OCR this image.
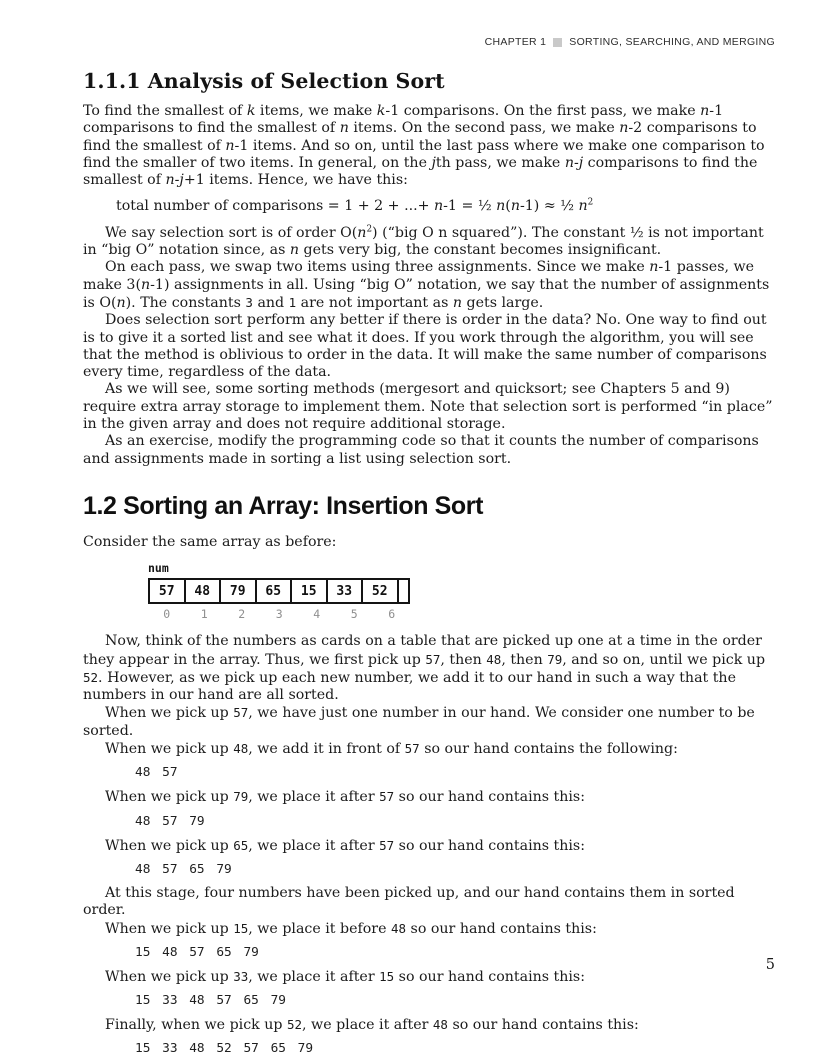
CHAPTER 1 SORTING, SEARCHING, AND MERGING
1.1.1 Analysis of Selection Sort

To find the smallest of k items, we make k-1 comparisons. On the first pass, we make n-1 comparisons to find the smallest of n items. On the second pass, we make n-2 comparisons to find the smallest of n-1 items. And so on, until the last pass where we make one comparison to find the smaller of two items. In general, on the jth pass, we make n-j comparisons to find the smallest of n-j+1 items. Hence, we have this:

total number of comparisons = 1 + 2 + ...+ n-1 = ½ n(n-1) ≈ ½ $n^2$

We say selection sort is of order $O(n^2)$ (“big O n squared”). The constant ½ is not important in “big O” notation since, as n gets very big, the constant becomes insignificant.

On each pass, we swap two items using three assignments. Since we make n-1 passes, we make 3(n-1) assignments in all. Using “big O” notation, we say that the number of assignments is O(n). The constants 3 and 1 are not important as n gets large.

Does selection sort perform any better if there is order in the data? No. One way to find out is to give it a sorted list and see what it does. If you work through the algorithm, you will see that the method is oblivious to order in the data. It will make the same number of comparisons every time, regardless of the data.

As we will see, some sorting methods (mergesort and quicksort; see Chapters 5 and 9) require extra array storage to implement them. Note that selection sort is performed “in place” in the given array and does not require additional storage.

As an exercise, modify the programming code so that it counts the number of comparisons and assignments made in sorting a list using selection sort.

1.2 Sorting an Array: Insertion Sort

Consider the same array as before:

num
57	48	79	65	15	33	52
0	1	2	3	4	5	6

Now, think of the numbers as cards on a table that are picked up one at a time in the order they appear in the array. Thus, we first pick up 57, then 48, then 79, and so on, until we pick up 52. However, as we pick up each new number, we add it to our hand in such a way that the numbers in our hand are all sorted.

When we pick up 57, we have just one number in our hand. We consider one number to be sorted.

When we pick up 48, we add it in front of 57 so our hand contains the following:

48 57

When we pick up 79, we place it after 57 so our hand contains this:

48 57 79

When we pick up 65, we place it after 57 so our hand contains this:

48 57 65 79

At this stage, four numbers have been picked up, and our hand contains them in sorted order.

When we pick up 15, we place it before 48 so our hand contains this:

15 48 57 65 79

When we pick up 33, we place it after 15 so our hand contains this:

15 33 48 57 65 79

Finally, when we pick up 52, we place it after 48 so our hand contains this:

15 33 48 52 57 65 79
5
